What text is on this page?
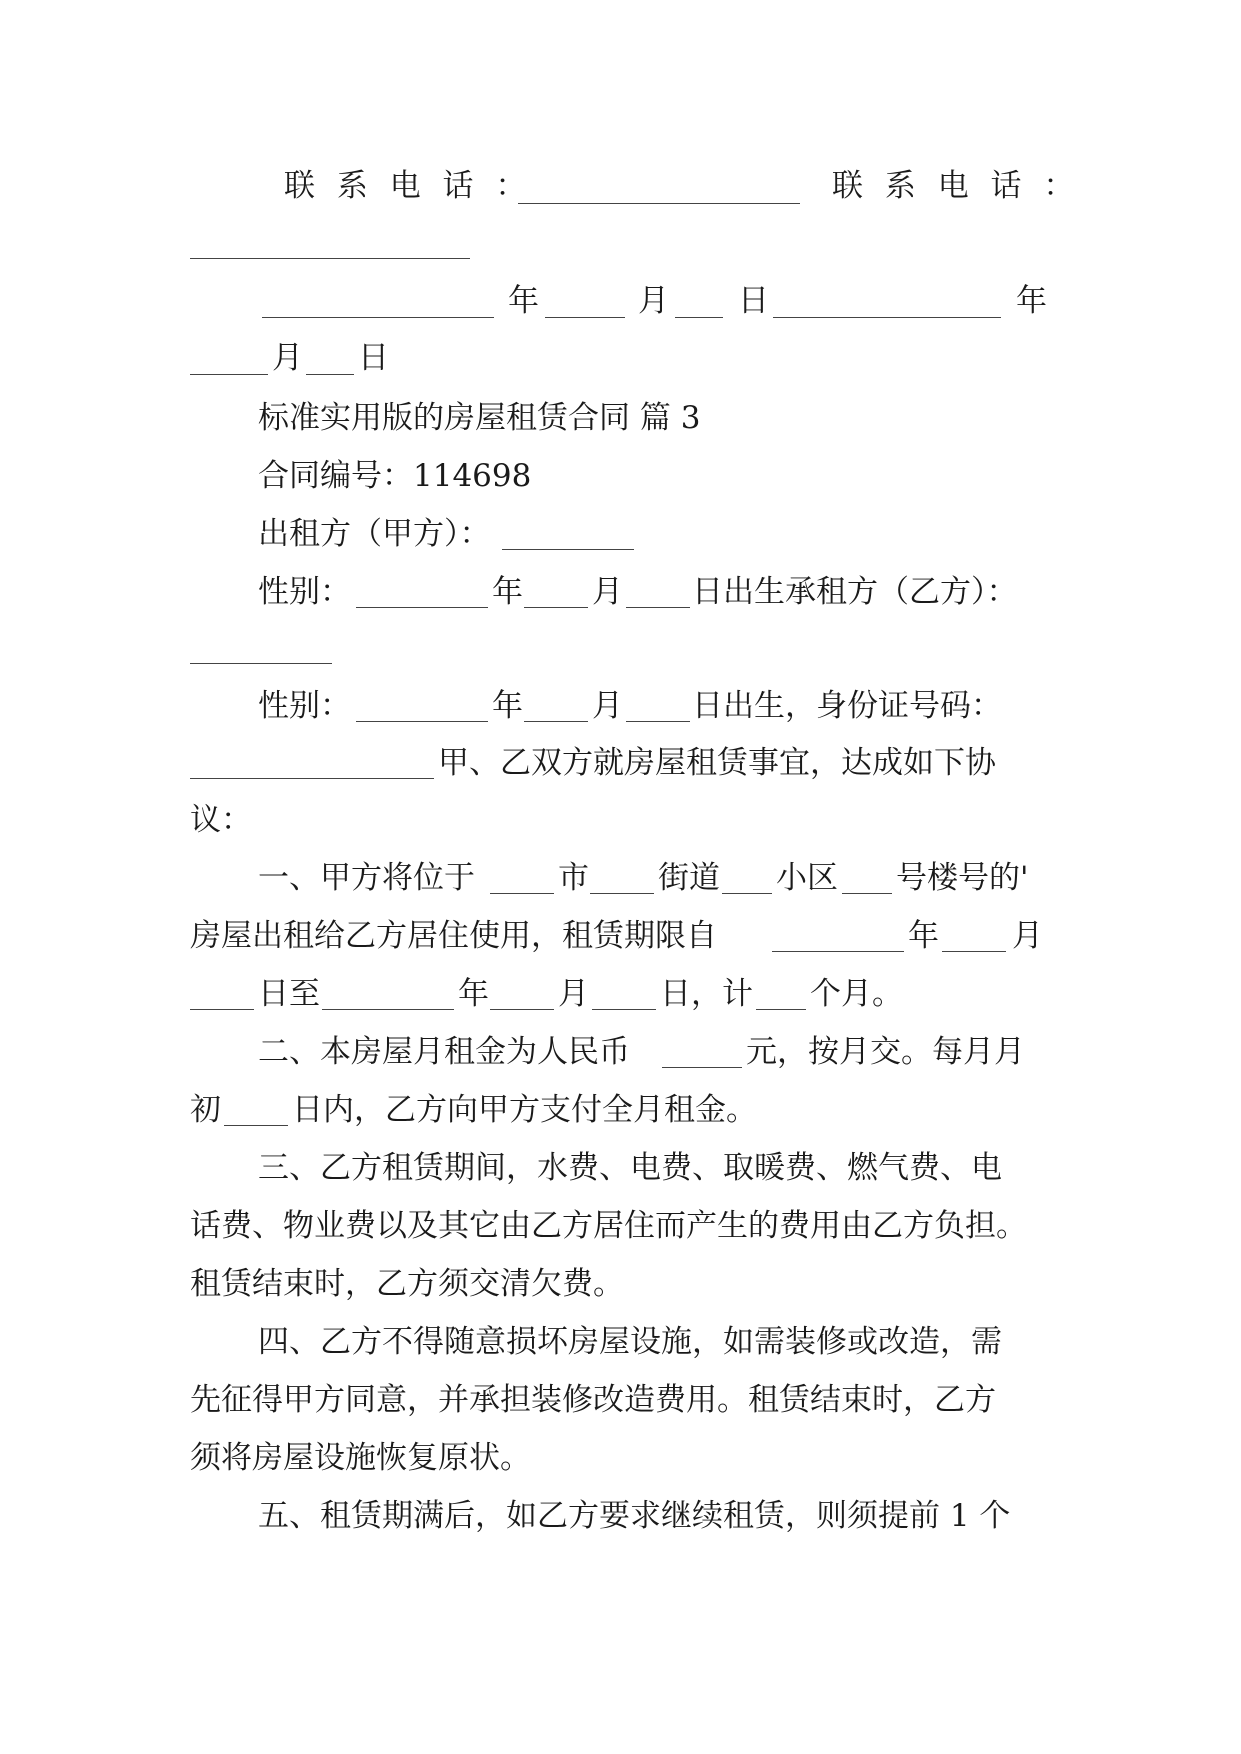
联 系 电 话 ：	联 系 电 话 ：
年	月 日	年
月 日
标准实用版的房屋租赁合同 篇 3
合同编号：114698
出租方（甲方）：
性别：	年 月 日出生承租方（乙方）：
性别：	年 月 日出生，身份证号码：
甲、乙双方就房屋租赁事宜，达成如下协
议：
一、甲方将位于	市 街道 小区 号楼号的'
房屋出租给乙方居住使用，租赁期限自	年 月
日至	年 月 日，计 个月。
二、本房屋月租金为人民币	元，按月交。每月月
初 日内，乙方向甲方支付全月租金。
三、乙方租赁期间，水费、电费、取暖费、燃气费、电
话费、物业费以及其它由乙方居住而产生的费用由乙方负担。
租赁结束时，乙方须交清欠费。
四、乙方不得随意损坏房屋设施，如需装修或改造，需
先征得甲方同意，并承担装修改造费用。租赁结束时，乙方
须将房屋设施恢复原状。
五、租赁期满后，如乙方要求继续租赁，则须提前 1 个
